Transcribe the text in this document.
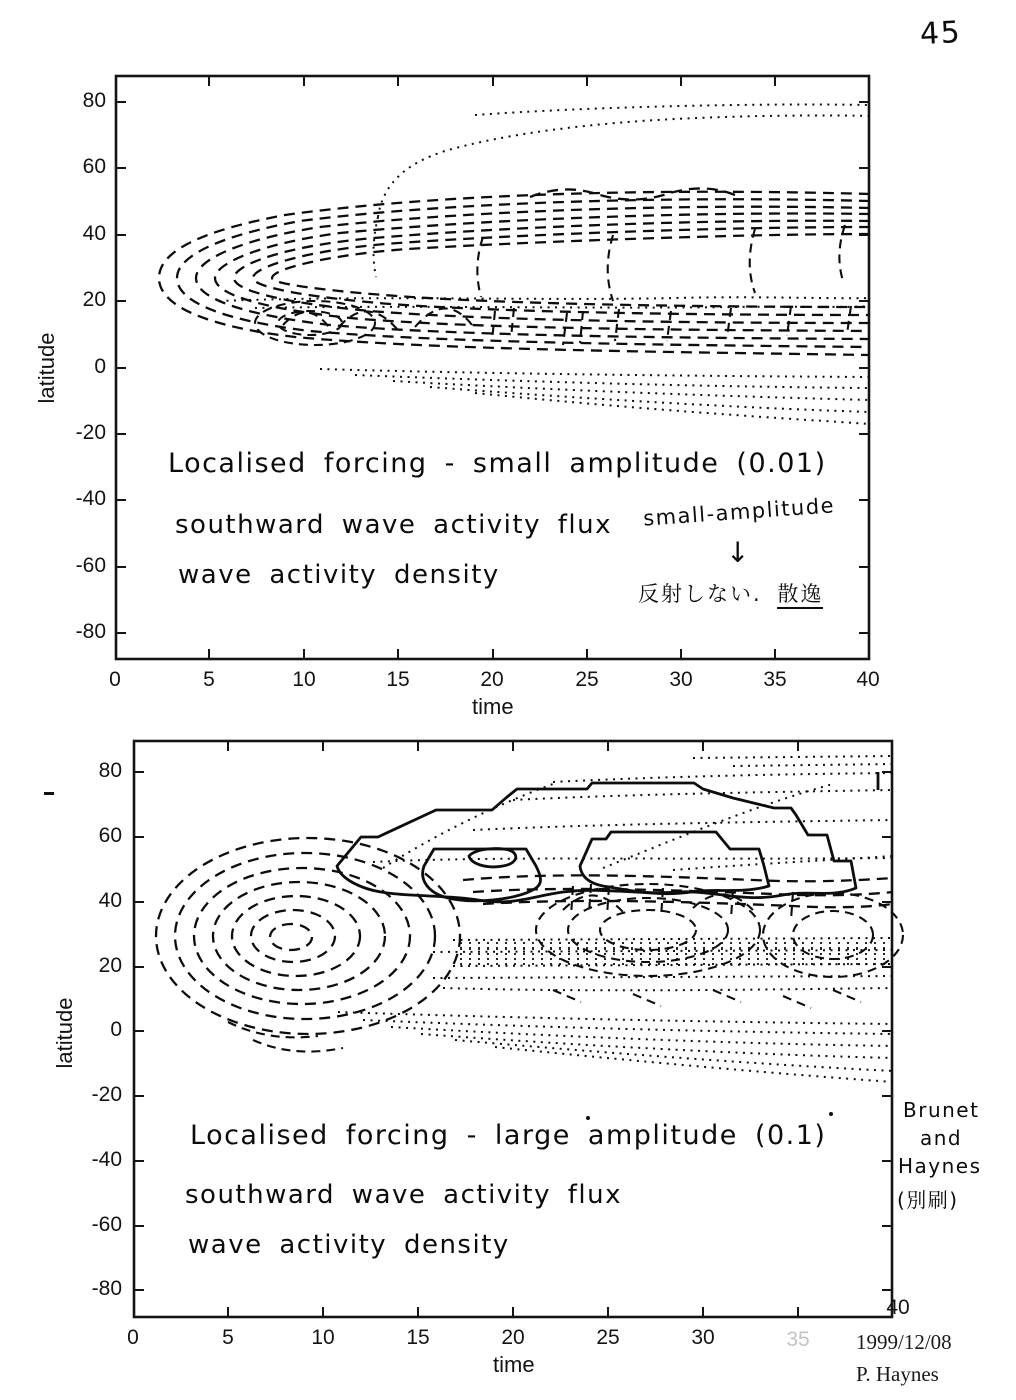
45
80
60
40
20
0
-20
-40
-60
-80
0	5	10	15	20	25	30	35	40
latitude
time
Localised forcing - small amplitude (0.01)
southward wave activity flux
wave activity density
small-amplitude
↓
反射しない. 散逸
80
60
40
20
0
-20
-40
-60
-80
0	5	10	15	20	25	30	35
40
latitude
time
Localised forcing - large amplitude (0.1)
southward wave activity flux
wave activity density
Brunet
and
Haynes
(別刷)
1999/12/08
P. Haynes
